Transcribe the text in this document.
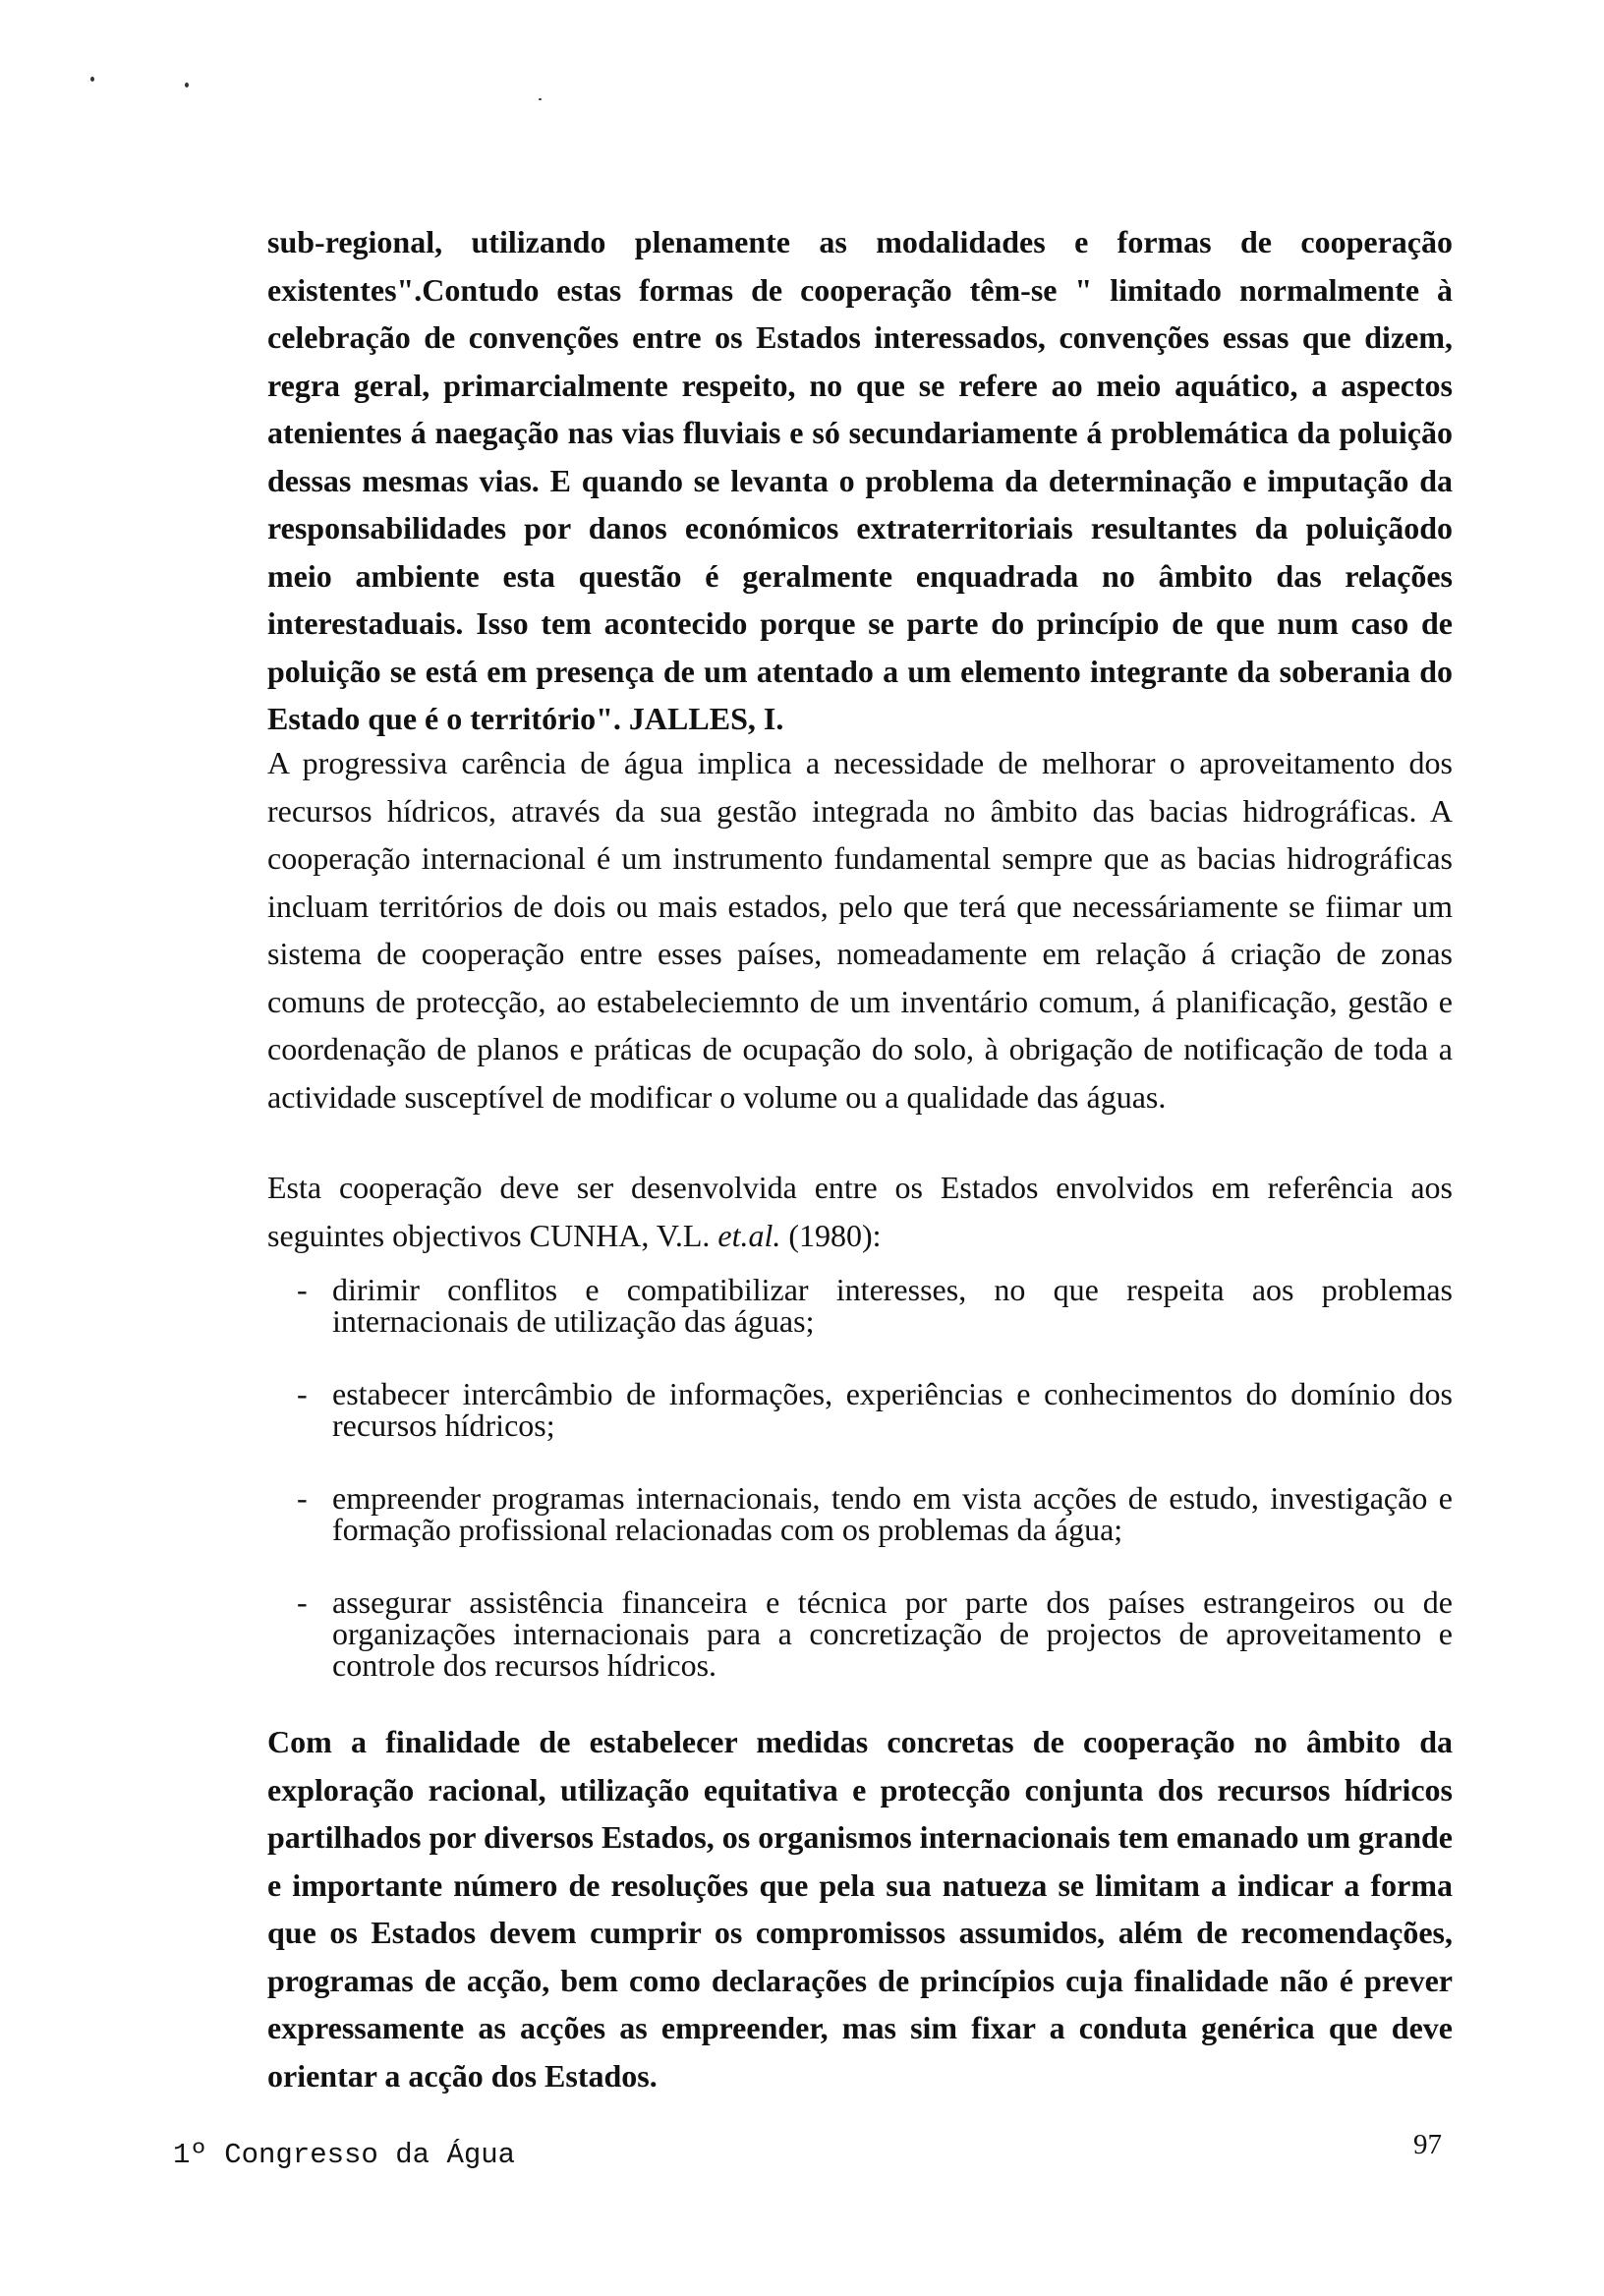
sub-regional, utilizando plenamente as modalidades e formas de cooperação existentes".Contudo estas formas de cooperação têm-se " limitado normalmente à celebração de convenções entre os Estados interessados, convenções essas que dizem, regra geral, primarcialmente respeito, no que se refere ao meio aquático, a aspectos atenientes á naegação nas vias fluviais e só secundariamente á problemática da poluição dessas mesmas vias. E quando se levanta o problema da determinação e imputação da responsabilidades por danos económicos extraterritoriais resultantes da poluiçãodo meio ambiente esta questão é geralmente enquadrada no âmbito das relações interestaduais. Isso tem acontecido porque se parte do princípio de que num caso de poluição se está em presença de um atentado a um elemento integrante da soberania do Estado que é o território". JALLES, I.

A progressiva carência de água implica a necessidade de melhorar o aproveitamento dos recursos hídricos, através da sua gestão integrada no âmbito das bacias hidrográficas. A cooperação internacional é um instrumento fundamental sempre que as bacias hidrográficas incluam territórios de dois ou mais estados, pelo que terá que necessáriamente se fiimar um sistema de cooperação entre esses países, nomeadamente em relação á criação de zonas comuns de protecção, ao estabeleciemnto de um inventário comum, á planificação, gestão e coordenação de planos e práticas de ocupação do solo, à obrigação de notificação de toda a actividade susceptível de modificar o volume ou a qualidade das águas.

Esta cooperação deve ser desenvolvida entre os Estados envolvidos em referência aos seguintes objectivos CUNHA, V.L. et.al. (1980):

- dirimir conflitos e compatibilizar interesses, no que respeita aos problemas internacionais de utilização das águas;
- estabecer intercâmbio de informações, experiências e conhecimentos do domínio dos recursos hídricos;
- empreender programas internacionais, tendo em vista acções de estudo, investigação e formação profissional relacionadas com os problemas da água;
- assegurar assistência financeira e técnica por parte dos países estrangeiros ou de organizações internacionais para a concretização de projectos de aproveitamento e controle dos recursos hídricos.

Com a finalidade de estabelecer medidas concretas de cooperação no âmbito da exploração racional, utilização equitativa e protecção conjunta dos recursos hídricos partilhados por diversos Estados, os organismos internacionais tem emanado um grande e importante número de resoluções que pela sua natueza se limitam a indicar a forma que os Estados devem cumprir os compromissos assumidos, além de recomendações, programas de acção, bem como declarações de princípios cuja finalidade não é prever expressamente as acções as empreender, mas sim fixar a conduta genérica que deve orientar a acção dos Estados.

1º Congresso da Água	97
